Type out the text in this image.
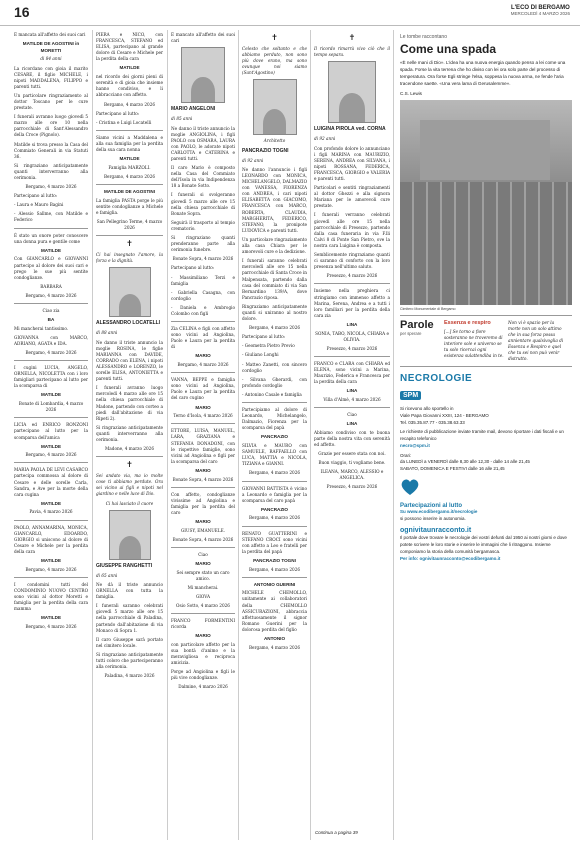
16	L'ECO DI BERGAMO
MERCOLEDÌ 4 MARZO 2026

È mancata all'affetto dei suoi cari

MATILDE DE AGOSTINI in MORETTI

di 84 anni

La ricordano con gioia il marito CESARE, il figlio MICHELE, i nipoti MADDALENA, FILIPPO e parenti tutti.

Un particolare ringraziamento al dottor Toscano per le cure prestate.

I funerali avranno luogo giovedì 5 marzo alle ore 10 nella parrocchiale di Sant'Alessandro della Croce (Pignolo).

Matilde si trova presso la Casa del Commiato Generali in via Statuti 36.

Si ringraziano anticipatamente quanti interverranno alla cerimonia.

Bergamo, 4 marzo 2026

Partecipano al lutto:

- Laura e Mauro Bagini

- Alessio Sallme, con Matilde e Federico

È stato un onore poter conoscere una donna pura e gentile come

MATILDE

Con GIANCARLO e GIOVANNI partecipo al dolore dei suoi cari e prego le sue più sentite condoglianze.

BARBARA

Bergamo, 4 marzo 2026

Ciao zia

BA

Mi mancherai tantissimo.

GIOVANNA con MARCO, ADRIANO, AGATA e IDA.

Bergamo, 4 marzo 2026

I cugini LUCIA, ANGELO, ORNELLA, NICOLETTA con i loro famigliari partecipano al lutto per la scomparsa di

MATILDE

Bonate di Lombardia, 4 marzo 2026

LICIA ed ENRICO RONZONI partecipano al lutto per la scomparsa dell'amica

MATILDE

Bergamo, 4 marzo 2026

MARIA PAOLA DE LEVI CASARCO partecipa commossa al dolore di Cesare e delle sorelle Carla, Sandra, e Ave per la morte della cara cugina

MATILDE

Pavia, 4 marzo 2026

PAOLO, ANNAMARINA, MONICA, GIANCARLO, EDOARDO, GIORGIO si uniscono al dolore di Cesare e Michele per la perdita della cara

MATILDE

Bergamo, 4 marzo 2026

I condomini tutti del CONDOMINIO NUOVO CENTRO sono vicini al dottor Moretti e famiglia per la perdita della cara mamma

MATILDE

Bergamo, 4 marzo 2026

PIERA e NICO, con FRANCESCA, STEFANO ed ELISA, partecipano al grande dolore di Cesare e Michele per la perdita della cara

MATILDE

nel ricordo dei giorni pieni di serenità e di gioia che insieme hanno condiviso, e li abbracciano con affetto.

Bergamo, 4 marzo 2026

Partecipano al lutto:

- Cristina e Luigi Locatelli

Siamo vicini a Maddalena e alla sua famiglia per la perdita della sua cara nonna

MATILDE

Famiglia MARZOLI.

Bergamo, 4 marzo 2026

MATILDE DE AGOSTINI

La famiglia PASTA porge le più sentite condoglianze a Michele e famiglia.

San Pellegrino Terme, 4 marzo 2026

✝

Ci hai insegnato l'amore, la forza e la dignità.

ALESSANDRO LOCATELLI

di 88 anni

Ne danno il triste annuncio la moglie ROSINA, le figlie MARIANNA con DAVIDE, CORRADO con ELENA, i nipoti ALESSANDRO e LORENZO, le sorelle ELISA, ANTONIETTA e parenti tutti.

I funerali avranno luogo mercoledì 4 marzo alle ore 15 nella chiesa parrocchiale di Madone, partendo con corteo a piedi dall'abitazione di via Ripeti 2).

Si ringraziano anticipatamente quanti interverranno alla cerimonia.

Madone, 4 marzo 2026

✝

Sei andato via, ma io molte cose ti abbiamo perdute. Ora sei vicino ai figli e nipoti nel giardino e nelle luce di Dio.

Ci hai lasciato il cuore

GIUSEPPE RANGHETTI

di 65 anni

Ne dà il triste annuncio ORNELLA con tutta la famiglia.

I funerali saranno celebrati giovedì 5 marzo alle ore 15 nella parrocchiale di Paladina, partendo dall'abitazione di via Monaco di Sopra 1.

Il caro Giuseppe sarà portato nel cimitero locale.

Si ringraziano anticipatamente tutti coloro che parteciperanno alla cerimonia.

Paladina, 4 marzo 2026

È mancato all'affetto dei suoi cari

MARIO ANGELONI

di 85 anni

Ne danno il triste annuncio la moglie ANGIOLINA, i figli PAOLO con OSMARA, LAURA con PAOLO, le adorate nipoti CARLOTTA e CATERINA e parenti tutti.

Il caro Mario è composto nella Casa del Commiato dell'Isola in via Indipendenza 18 a Bonate Sotto.

I funerali si svolgeranno giovedì 5 marzo alle ore 15 nella chiesa parrocchiale di Bonate Sopra.

Seguirà il trasporto al tempio crematorio.

Si ringraziano quanti prenderanno parte alla cerimonia funebre.

Bonate Sopra, 4 marzo 2026

Partecipano al lutto:

- Massimiliano Terzi e famiglia

- Gabriella Casagna, con cordoglio

- Daniela e Ambrogio Colombo con figli

Zia CELINA e figli con affetto sono vicini ad Angiolina, Paolo e Laura per la perdita di

MARIO

Bergamo, 4 marzo 2026

VANNA, BEPPE e famiglia sono vicini ad Angiolina, Paolo e Laura per la perdita del caro cugino

MARIO

Terno d'Isola, 4 marzo 2026

ETTORE, LUISA, MANUEL, LARA, GRAZIANA e STEFANIA DONADONI, con le rispettive famiglie, sono vicini ad Angiolina e figli per la scomparsa del caro

MARIO

Bonate Sopra, 4 marzo 2026

Con affetto, condoglianze vivissime ad Angiolina e famiglia per la perdita del caro

MARIO

GIUSY, EMANUELE.

Bonate Sopra, 4 marzo 2026

Ciao

MARIO

Sei sempre stato un caro amico.

Mi mancherai.

GIOVA

Osio Sotto, 4 marzo 2026

FRANCO FORMENTINI ricorda

MARIO

con particolare affetto per la sua bontà d'animo e la meravigliosa e reciproca amicizia.

Porge ad Angiolina e figli le più vive condoglianze.

Dalmine, 4 marzo 2026

✝

Celesto che soltanto e che abbiamo perduto, non sono più dove erano, ma sono ovunque noi siamo (Sant'Agostino)

Architetto

PANCRAZIO TOGNI

di 92 anni

Ne danno l'annuncio i figli LEONARDO con MONICA, MICHELANGELO, DALMAZIO con VANESSA, FIORENZA con ANDREA, i cari nipoti ELISABETTA con GIACOMO, FRANCESCA con MARCO, ROBERTA, CLAUDIA, MARGHERITA, FEDERICO, STEFANO, la pronipote LUDOVICA e parenti tutti.

Un particolare ringraziamento alla casa Chiara per le amorevoli cure e la dedizione.

I funerali saranno celebrati mercoledì alle ore 15 nella parrocchiale di Santa Croce in Malpensata, partendo dalla casa del commiato di via San Bernardino 139/A, dove Pancrazio riposa.

Ringraziamo anticipatamente quanti si uniranno al nostro dolore.

Bergamo, 4 marzo 2026

Partecipano al lutto:

- Geometra Pietro Previo

- Giuliano Longhi

- Matteo Zanetti, con sincero cordoglio

- Silvana Gherardi, con profondo cordoglio

- Antonino Casale e famiglia

Partecipiamo al dolore di Leonardo, Michelangelo, Dalmazio, Fiorenza per la scomparsa del papà

PANCRAZIO

SILVIA e MAURO con SAMUELE, RAFFAELLO con LUCA, MATTIA e NICOLA, TIZIANA e GIANNI.

Bergamo, 4 marzo 2026

GIOVANNI BATTISTA è vicino a Leonardo e famiglia per la scomparsa del caro papà

PANCRAZIO

Bergamo, 4 marzo 2026

RENATO GUATTERINI e STEFANO CROCI sono vicini con affetto a Leo e fratelli per la perdita del papà

PANCRAZIO TOGNI

Bergamo, 4 marzo 2026

ANTONIO GUERINI

MICHELE CHEMOLLO, unitamente ai collaboratori della CHEMOLLO ASSICURAZIONI, abbraccia affettuosamente il signor Romano Guerini per la dolorosa perdita del figlio

ANTONIO

Bergamo, 4 marzo 2026

✝

Il ricordo rimarrà vivo ciò che il tempo separa.

LUIGINA PIROLA ved. CORNA

di 92 anni

Con profondo dolore lo annunciano i figli MARINA con MAURIZIO, SERENA, ANDREA con SILVANA, i nipoti ROSSANA, FEDERICA, FRANCESCA, GIORGIO e VALERIA e parenti tutti.

Particolari e sentiti ringraziamenti al dottor Ghezzi e alla signora Mariana per le amorevoli cure prestate.

I funerali verranno celebrati giovedì alle ore 15 nella parrocchiale di Presezzo, partendo dalla casa funeraria in via F.lli Calvi 8 di Ponte San Pietro, ove la nostra cara Luigina è composta.

Semblicemente ringraziamo quanti ci saranno di conforto con la loro presenza nell'ultimo saluto.

Presezzo, 4 marzo 2026

Insieme nella preghiera ci stringiamo con immenso affetto a Marina, Serena, Andrea e a tutti i loro familiari per la perdita della cara zia

LINA

SONIA, TABO, NICOLA, CHIARA e OLIVIA.

Presezzo, 4 marzo 2026

FRANCO e CLARA con CHIARA ed ELENA, sono vicini a Marina, Maurizio, Federica e Francesca per la perdita della cara

LINA

Villa d'Almè, 4 marzo 2026

Ciao

LINA

Abbiamo condiviso con te buona parte della nostra vita con serenità ed affetto.

Grazie per essere stata con noi.

Buon viaggio, ti vogliamo bene.

ILEANA, MARCO, ALESSIO e ANGELICA.

Presezzo, 4 marzo 2026

Continua a pagina 39
Le tombe raccontano
Come una spada
«È nelle mani di Dio». L'idea ha una nuova energia quando penso a lei come una spada. Forse la vita terrena che ho diviso con lei ora solo parte del processo di temperatura. Ora forse Egli stringe l'elsa, soppesa la nuova arma, ne fende l'aria tracendone saette. «Una vera lama di Gerusalemme».
C.S. Lewis
Cimitero Monumentale di Bergamo
Parole
per sperare
Essenza e respiro
[...] Se torno a fiore sosteranno ne troveremo di interiore sole e universo se tu solo ricercai ogni esistenza sulattendiba in te.
Non vi è spazio per la morte non un solo attimo che in sua forza possa annientare qualsivoglia di Essenza e Respiro e quel che tu sei non può venir distrutto.
NECROLOGIE
SPM
Si ricevono allo sportello in
Viale Papa Giovanni XXIII, 124 - BERGAMO
Tel. 035.35.87.77 - 035.38.63.33
Le richieste di pubblicazione inviate tramite mail, devono riportare i dati fiscali e un recapito telefonico
necro@spm.it
Orari:
da LUNEDÌ a VENERDÌ dalle 8,30 alle 12,30 - dalle 14 alle 21,45
SABATO, DOMENICA E FESTIVI dalle 16 alle 21,45
Partecipazioni al lutto
Su www.ecodibergamo.it/necrologie
si possono inserire in autonomia.
ognivitaunracconto.it
Il portale dove trovare le necrologie dei vostri defunti dal 1950 ai nostri giorni e dove potete scrivere le loro storie e inserire le immagini che li ritraggono. Insieme componiamo la storia della comunità bergamasca.
Per info: ognivitaunracconto@ecodibergamo.it
